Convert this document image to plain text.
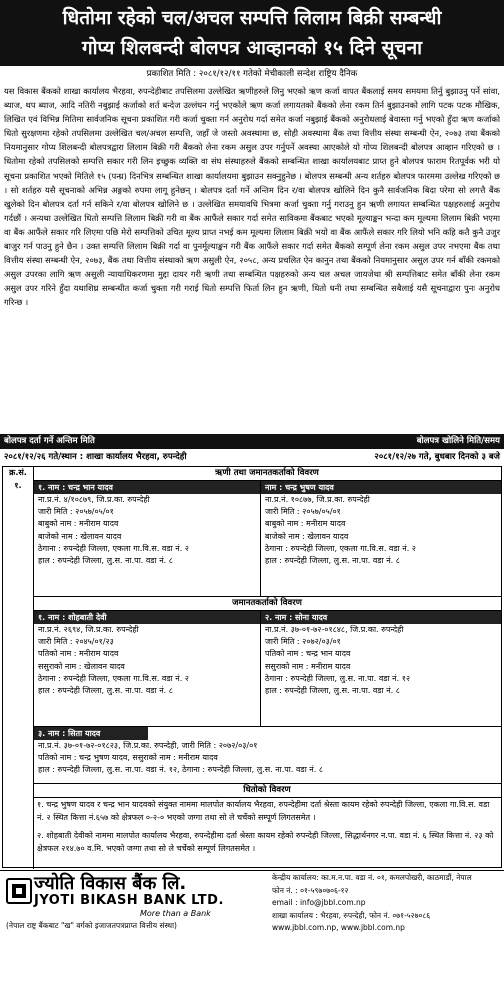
धितोमा रहेको चल/अचल सम्पत्ति लिलाम बिक्री सम्बन्धी
गोप्य शिलबन्दी बोलपत्र आव्हानको १५ दिने सूचना
प्रकाशित मिति : २०८१/१२/११ गतेको मेचीकाली सन्देश राष्ट्रिय दैनिक
यस विकास बैंकको शाखा कार्यालय भैरहवा, रुपन्देहीबाट तपसिलमा उल्लेखित ऋणीहरुले लिनु भएको ऋण कर्जा वापत बैंकलाई समय समयमा तिर्नु बुझाउनु पर्ने सांवा, ब्याज, थप ब्याज, आदि नतिरी नबुझाई कर्जाको शर्त बन्देज उल्लंघन गर्नु भएकोले ऋण कर्जा लगायतको बैंकको लेना रकम तिर्न बुझाउनको लागि पटक पटक मौखिक, लिखित एवं विभिन्न मितिमा सार्वजनिक सूचना प्रकाशित गरी कर्जा चुक्ता गर्न अनुरोध गर्दा समेत कर्जा नबुझाई बैंकको अनुरोधलाई बेवास्ता गर्नु भएको हुँदा ऋण कर्जाको धितो सुरक्षणमा रहेको तपसिलमा उल्लेखित चल/अचल सम्पत्ति, जहाँ जे जस्तो अवस्थामा छ, सोही अवस्थामा बैंक तथा वित्तीय संस्था सम्बन्धी ऐन, २०७३ तथा बैंकको नियमानुसार गोप्य शिलबन्दी बोलपत्रद्वारा लिलाम बिक्री गरी बैंकको लेना रकम असुल उपर गर्नुपर्ने अवस्था आएकोले यो गोप्य शिलबन्दी बोलपत्र आव्हान गरिएको छ । धितोमा रहेको तपसिलको सम्पत्ति सकार गरी लिन इच्छुक व्यक्ति वा संघ संस्थाहरुले बैंकको सम्बन्धित शाखा कार्यालयबाट प्राप्त हुने बोलपत्र फाराम रितपूर्वक भरी यो सूचना प्रकाशित भएको मितिले १५ (पन्ध्र) दिनभित्र सम्बन्धित शाखा कार्यालयमा बुझाउन सक्नुहुनेछ । बोलपत्र सम्बन्धी अन्य शर्तहरु बोलपत्र फारममा उल्लेख गरिएको छ । सो शर्तहरु यसै सूचनाको अभिन्न अङ्गको रुपमा लागू हुनेछन् । बोलपत्र दर्ता गर्ने अन्तिम दिन र/वा बोलपत्र खोलिने दिन कुनै सार्वजनिक बिदा परेमा सो लगत्तै बैंक खुलेको दिन बोलपत्र दर्ता गर्न सकिने र/वा बोलपत्र खोलिने छ । उल्लेखित समयावधि भित्रमा कर्जा चुक्ता गर्नु गराउनु हुन ऋणी लगायत सम्बन्धित पक्षहरुलाई अनुरोध गर्दछौं । अन्यथा उल्लेखित धितो सम्पत्ति लिलाम बिक्री गरी वा बैंक आफैंले सकार गर्दा समेत साविकमा बैंकबाट भएको मूल्याङ्कन भन्दा कम मूल्यमा लिलाम बिक्री भएमा वा बैंक आफैंले सकार गरि लिएमा पछि मेरो सम्पत्तिको उचित मूल्य प्राप्त नभई कम मूल्यमा लिलाम बिक्री भयो वा बैंक आफैंले सकार गरि लियो भनि कहि कतै कुनै उजुर बाजुर गर्न पाउनु हुने छैन । उक्त सम्पत्ति लिलाम बिक्री गर्दा वा पुनर्मूल्याङ्कन गरी बैंक आफैंले सकार गर्दा समेत बैंकको सम्पूर्ण लेना रकम असुल उपर नभएमा बैंक तथा वित्तीय संस्था सम्बन्धी ऐन, २०७३, बैंक तथा वित्तीय संस्थाको ऋण असुली ऐन, २०५८, अन्य प्रचलित ऐन कानुन तथा बैंकको नियमानुसार असुल उपर गर्न बाँकी रकमको असुल उपरका लागि ऋण असुली न्यायाधिकरणमा मुद्दा दायर गरी ऋणी तथा सम्बन्धित पक्षहरुको अन्य चल अचल जायजेथा श्री सम्पत्तिबाट समेत बाँकी लेना रकम असुल उपर गरिने हुँदा यथाशिघ्र सम्बन्धीत कर्जा चुक्ता गरी गराई धितो सम्पत्ति फिर्ता लिन हुन ऋणी, धितो धनी तथा सम्बन्धित सबैलाई यसै सूचनाद्वारा पुनः अनुरोध गरिन्छ ।
बोलपत्र दर्ता गर्ने अन्तिम मिति	बोलपत्र खोलिने मिति/समय
२०८१/१२/२६ गते/स्थान : शाखा कार्यालय भैरहवा, रुपन्देही	२०८१/१२/२७ गते, बुधबार दिनको ३ बजे
क्र.सं.	ऋणी तथा जमानतकर्ताको विवरण
१.	१. नाम : चन्द्र भान यादव
ना.प्र.नं. ४/१०८७९, जि.प्र.का. रुपन्देही
जारी मिति : २०५७/०५/०१
बाबुको नाम : मनीराम यादव
बाजेको नाम : खेलावन यादव
ठेगाना : रुपन्देही जिल्ला, एकला गा.वि.स. वडा नं. २
हाल : रुपन्देही जिल्ला, लु.स. ना.पा. वडा नं. ८
नाम : चन्द्र भुषण यादव
ना.प्र.नं. १०८७७, जि.प्र.का. रुपन्देही
जारी मिति : २०५७/०५/०१
बाबुको नाम : मनीराम यादव
बाजेको नाम : खेलावन यादव
ठेगाना : रुपन्देही जिल्ला, एकला गा.वि.स. वडा नं. २
हाल : रुपन्देही जिल्ला, लु.स. ना.पा. वडा नं. ८
जमानतकर्ताको विवरण
१. नाम : शोहबाती देवी
ना.प्र.नं. २६९४, जि.प्र.का. रुपन्देही
जारी मिति : २०४५/०१/२३
पतिको नाम : मनीराम यादव
ससुराको नाम : खेलावन यादव
ठेगाना : रुपन्देही जिल्ला, एकला गा.वि.स. वडा नं. २
हाल : रुपन्देही जिल्ला, लु.स. ना.पा. वडा नं. ८
२. नाम : सोना यादव
ना.प्र.नं. ३७-०१-७२-०१८४८, जि.प्र.का. रुपन्देही
जारी मिति : २०७२/०३/०१
पतिको नाम : चन्द्र भान यादव
ससुराको नाम : मनीराम यादव
ठेगाना : रुपन्देही जिल्ला, लु.स. ना.पा. वडा नं. १२
हाल : रुपन्देही जिल्ला, लु.स. ना.पा. वडा नं. ८
३. नाम : सिता यादव
ना.प्र.नं. ३७-०१-७२-०१८२३, जि.प्र.का. रुपन्देही, जारी मिति : २०७२/०३/०१
पतिको नाम : चन्द्र भुषण यादव, ससुराको नाम : मनीराम यादव
हाल : रुपन्देही जिल्ला, लु.स. ना.पा. वडा नं. १२, ठेगाना : रुपन्देही जिल्ला, लु.स. ना.पा. वडा नं. ८
धितोको विवरण
१. चन्द्र भुषण यादव र चन्द्र भान यादवको संयुक्त नाममा मालपोत कार्यालय भैरहवा, रुपन्देहीमा दर्ता श्रेस्ता कायम रहेको रुपन्देही जिल्ला, एकला गा.वि.स. वडा नं. २ स्थित कित्ता नं.६५७ को क्षेत्रफल ०-२-० भएको जग्गा तथा सो ले चर्चेको सम्पूर्ण लिगतसमेत ।
२. शोहबाती देवीको नाममा मालपोत कार्यालय भैरहवा, रुपन्देहीमा दर्ता श्रेस्ता कायम रहेको रुपन्देही जिल्ला, सिद्धार्थनगर न.पा. वडा नं. ६ स्थित कित्ता नं. २३ को क्षेत्रफल २१४.७० व.मि. भएको जग्गा तथा सो ले चर्चेको सम्पूर्ण लिगतसमेत ।
ज्योति विकास बैंक लि.
JYOTI BIKASH BANK LTD.
More than a Bank
(नेपाल राष्ट्र बैंकबाट "ख" वर्गको इजाजतपत्रप्राप्त वित्तीय संस्था)
केन्द्रीय कार्यालय: का.म.न.पा. वडा नं. ०१, कमलपोखरी, काठमाडौं, नेपाल
फोन नं. : ०१-५९७०७०६-१२
email : info@jbbl.com.np
शाखा कार्यालय : भैरहवा, रुपन्देही, फोन नं. ०७१-५२७०८६
www.jbbl.com.np, www.jbbl.com.np
